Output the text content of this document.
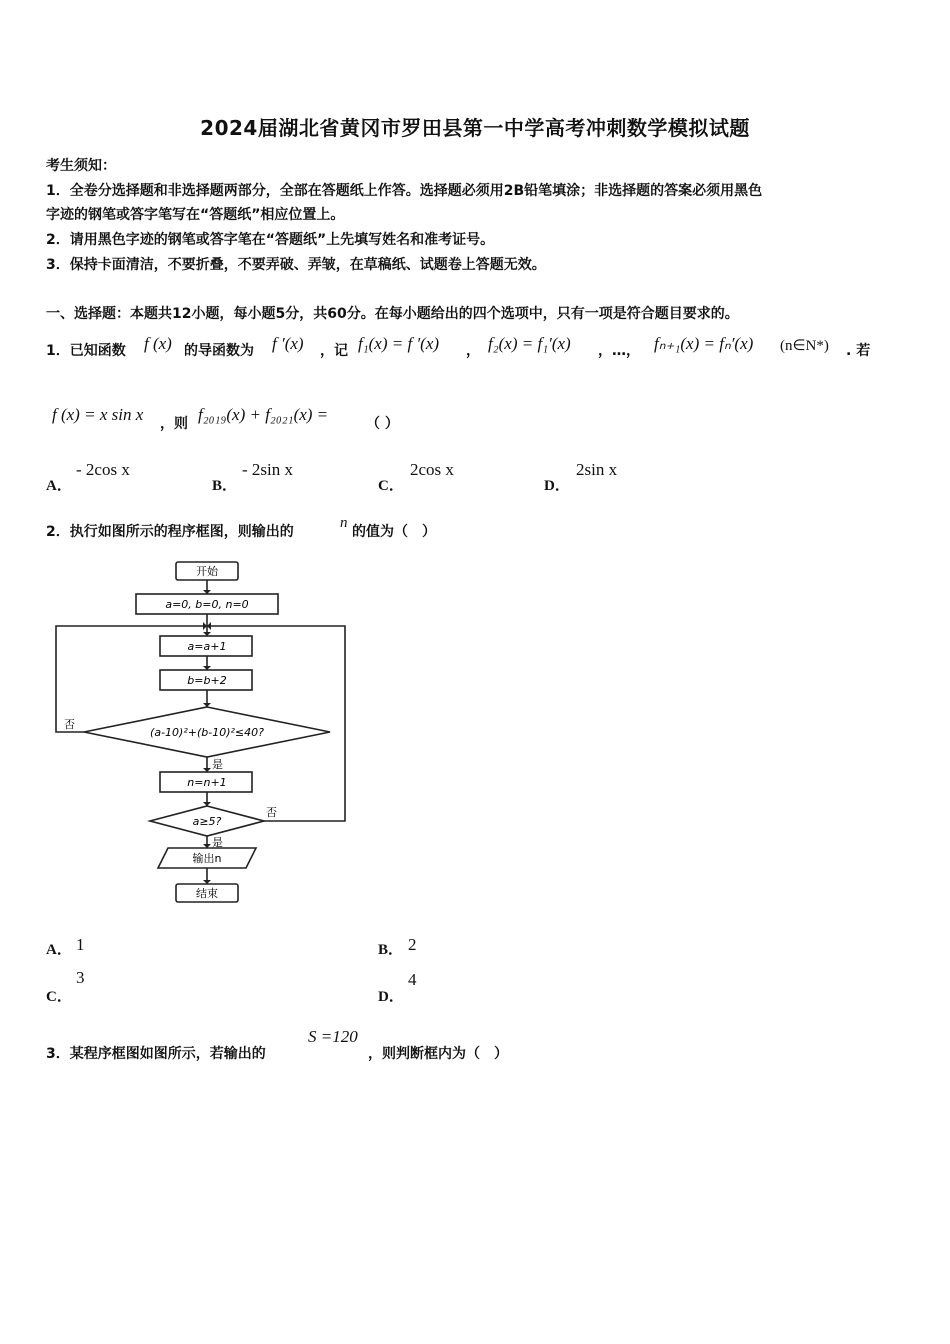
2024届湖北省黄冈市罗田县第一中学高考冲刺数学模拟试题
考生须知：
1．全卷分选择题和非选择题两部分，全部在答题纸上作答。选择题必须用2B铅笔填涂；非选择题的答案必须用黑色
字迹的钢笔或答字笔写在“答题纸”相应位置上。
2．请用黑色字迹的钢笔或答字笔在“答题纸”上先填写姓名和准考证号。
3．保持卡面清洁，不要折叠，不要弄破、弄皱，在草稿纸、试题卷上答题无效。
一、选择题：本题共12小题，每小题5分，共60分。在每小题给出的四个选项中，只有一项是符合题目要求的。
1．已知函数 f (x) 的导函数为 f ′(x) ，记 f₁(x) = f ′(x) ， f₂(x) = f₁′(x) ，…， fₙ₊₁(x) = fₙ′(x) (n∈N*) . 若
f (x) = x sin x ，则 f₂₀₁₉(x) + f₂₀₂₁(x) =	（ ）
A．
- 2cos x
B．
- 2sin x
C．
2cos x
D．
2sin x
2．执行如图所示的程序框图，则输出的
n
的值为（　）
开始
a=0, b=0, n=0
a=a+1
b=b+2
(a-10)²+(b-10)²≤40?
n=n+1
a≥5?
输出n
结束
否
是
否
是
A． 1	B． 2
C．
3
D．
4
3．某程序框图如图所示，若输出的
S =120
，则判断框内为（　）
